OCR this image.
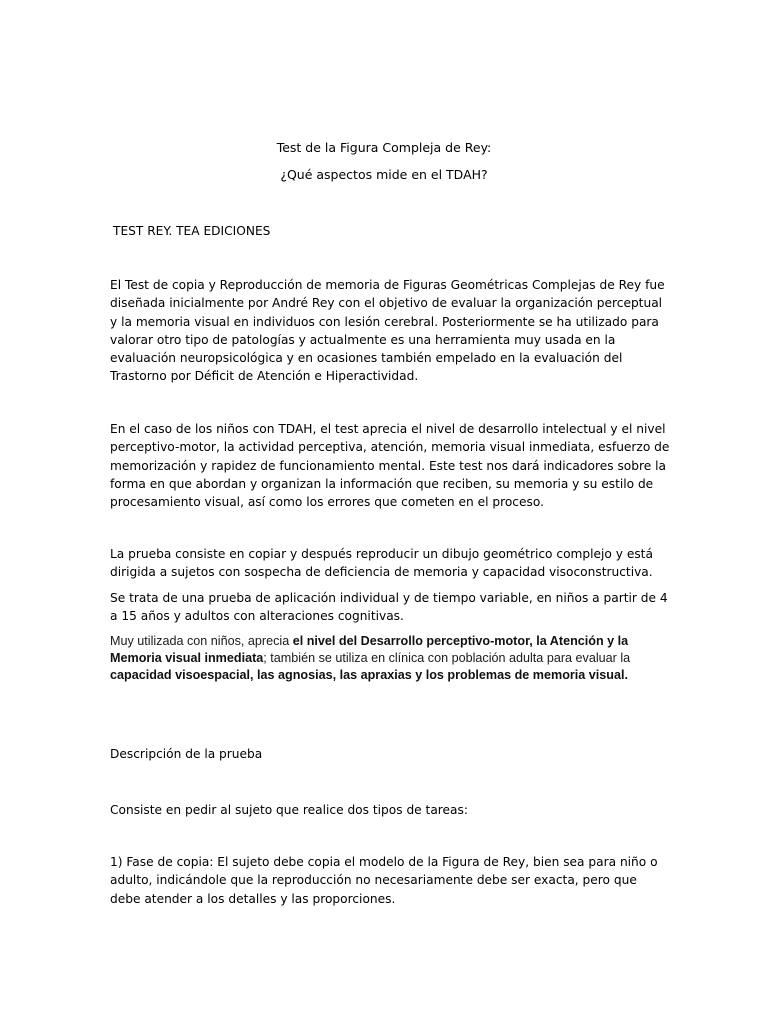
Test de la Figura Compleja de Rey:

¿Qué aspectos mide en el TDAH?

TEST REY. TEA EDICIONES

El Test de copia y Reproducción de memoria de Figuras Geométricas Complejas de Rey fue diseñada inicialmente por André Rey con el objetivo de evaluar la organización perceptual y la memoria visual en individuos con lesión cerebral. Posteriormente se ha utilizado para valorar otro tipo de patologías y actualmente es una herramienta muy usada en la evaluación neuropsicológica y en ocasiones también empelado en la evaluación del Trastorno por Déficit de Atención e Hiperactividad.

En el caso de los niños con TDAH, el test aprecia el nivel de desarrollo intelectual y el nivel perceptivo-motor, la actividad perceptiva, atención, memoria visual inmediata, esfuerzo de memorización y rapidez de funcionamiento mental. Este test nos dará indicadores sobre la forma en que abordan y organizan la información que reciben, su memoria y su estilo de procesamiento visual, así como los errores que cometen en el proceso.

La prueba consiste en copiar y después reproducir un dibujo geométrico complejo y está dirigida a sujetos con sospecha de deficiencia de memoria y capacidad visoconstructiva.

Se trata de una prueba de aplicación individual y de tiempo variable, en niños a partir de 4 a 15 años y adultos con alteraciones cognitivas.

Muy utilizada con niños, aprecia el nivel del Desarrollo perceptivo-motor, la Atención y la Memoria visual inmediata; también se utiliza en clínica con población adulta para evaluar la capacidad visoespacial, las agnosias, las apraxias y los problemas de memoria visual.

Descripción de la prueba

Consiste en pedir al sujeto que realice dos tipos de tareas:

1) Fase de copia: El sujeto debe copia el modelo de la Figura de Rey, bien sea para niño o adulto, indicándole que la reproducción no necesariamente debe ser exacta, pero que debe atender a los detalles y las proporciones.
